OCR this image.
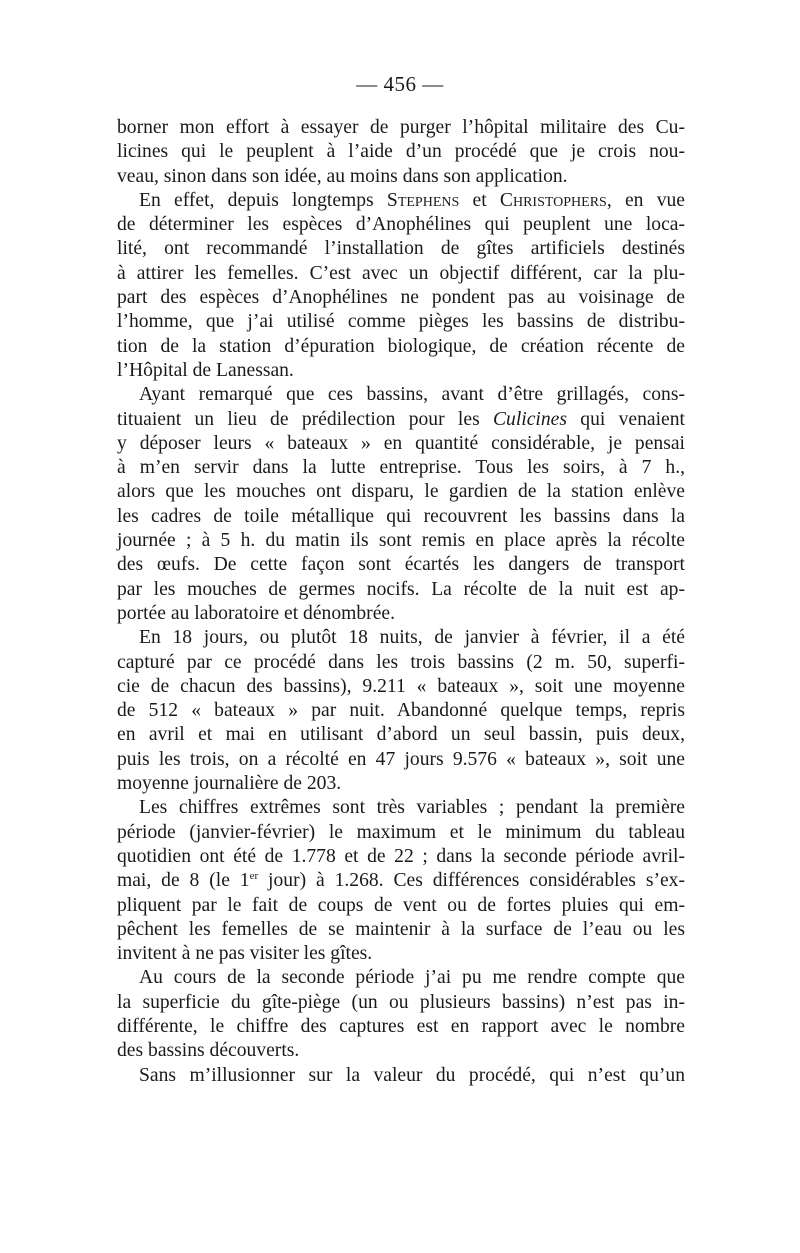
— 456 —
borner mon effort à essayer de purger l’hôpital militaire des Cu-
licines qui le peuplent à l’aide d’un procédé que je crois nou-
veau, sinon dans son idée, au moins dans son application.
En effet, depuis longtemps Stephens et Christophers, en vue
de déterminer les espèces d’Anophélines qui peuplent une loca-
lité, ont recommandé l’installation de gîtes artificiels destinés
à attirer les femelles. C’est avec un objectif différent, car la plu-
part des espèces d’Anophélines ne pondent pas au voisinage de
l’homme, que j’ai utilisé comme pièges les bassins de distribu-
tion de la station d’épuration biologique, de création récente de
l’Hôpital de Lanessan.
Ayant remarqué que ces bassins, avant d’être grillagés, cons-
tituaient un lieu de prédilection pour les Culicines qui venaient
y déposer leurs « bateaux » en quantité considérable, je pensai
à m’en servir dans la lutte entreprise. Tous les soirs, à 7 h.,
alors que les mouches ont disparu, le gardien de la station enlève
les cadres de toile métallique qui recouvrent les bassins dans la
journée ; à 5 h. du matin ils sont remis en place après la récolte
des œufs. De cette façon sont écartés les dangers de transport
par les mouches de germes nocifs. La récolte de la nuit est ap-
portée au laboratoire et dénombrée.
En 18 jours, ou plutôt 18 nuits, de janvier à février, il a été
capturé par ce procédé dans les trois bassins (2 m. 50, superfi-
cie de chacun des bassins), 9.211 « bateaux », soit une moyenne
de 512 « bateaux » par nuit. Abandonné quelque temps, repris
en avril et mai en utilisant d’abord un seul bassin, puis deux,
puis les trois, on a récolté en 47 jours 9.576 « bateaux », soit une
moyenne journalière de 203.
Les chiffres extrêmes sont très variables ; pendant la première
période (janvier-février) le maximum et le minimum du tableau
quotidien ont été de 1.778 et de 22 ; dans la seconde période avril-
mai, de 8 (le 1er jour) à 1.268. Ces différences considérables s’ex-
pliquent par le fait de coups de vent ou de fortes pluies qui em-
pêchent les femelles de se maintenir à la surface de l’eau ou les
invitent à ne pas visiter les gîtes.
Au cours de la seconde période j’ai pu me rendre compte que
la superficie du gîte-piège (un ou plusieurs bassins) n’est pas in-
différente, le chiffre des captures est en rapport avec le nombre
des bassins découverts.
Sans m’illusionner sur la valeur du procédé, qui n’est qu’un
